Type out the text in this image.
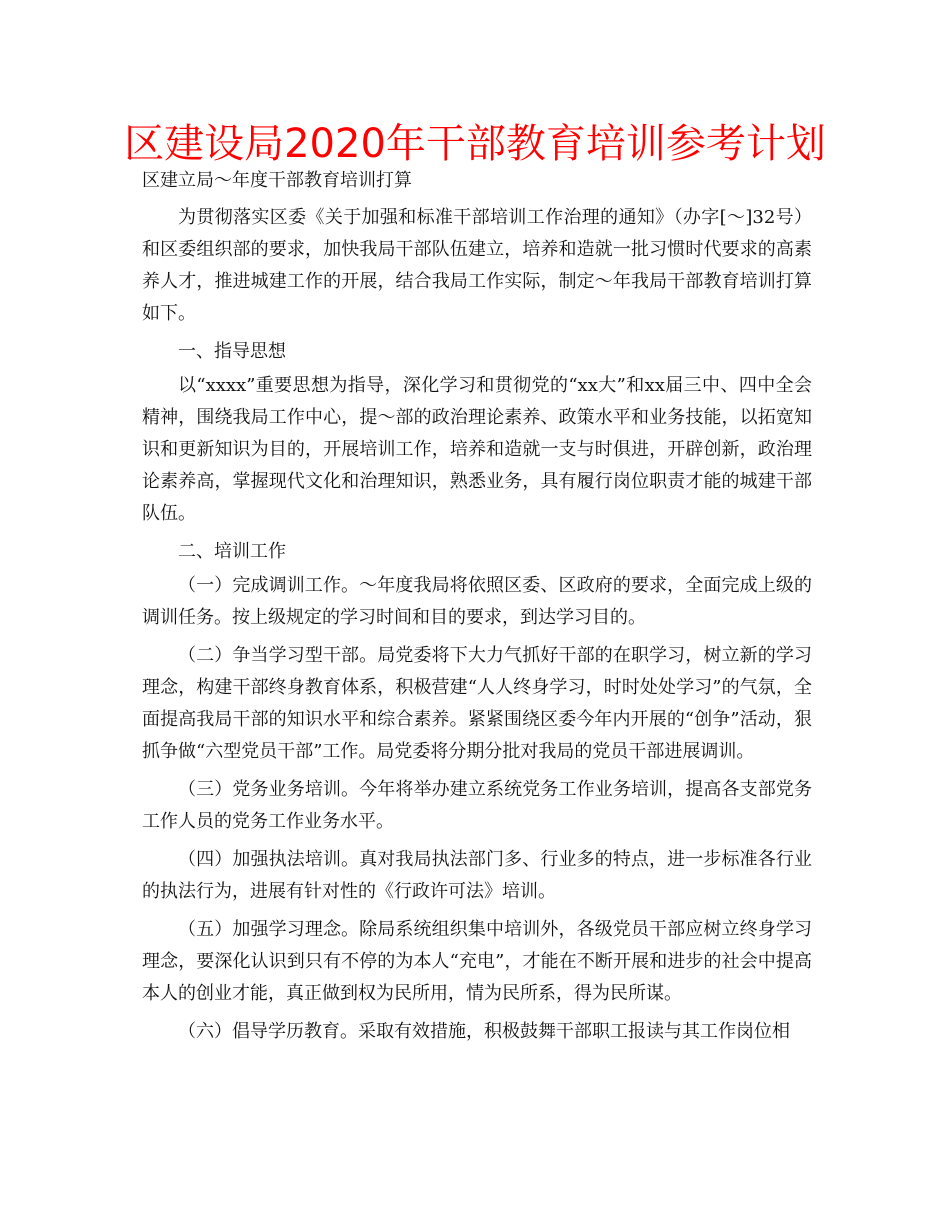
区建设局2020年干部教育培训参考计划
区建立局～年度干部教育培训打算

为贯彻落实区委《关于加强和标准干部培训工作治理的通知》（办字[～]32号）和区委组织部的要求，加快我局干部队伍建立，培养和造就一批习惯时代要求的高素养人才，推进城建工作的开展，结合我局工作实际，制定～年我局干部教育培训打算如下。

一、指导思想

以“xxxx”重要思想为指导，深化学习和贯彻党的“xx大”和xx届三中、四中全会精神，围绕我局工作中心，提～部的政治理论素养、政策水平和业务技能，以拓宽知识和更新知识为目的，开展培训工作，培养和造就一支与时俱进，开辟创新，政治理论素养高，掌握现代文化和治理知识，熟悉业务，具有履行岗位职责才能的城建干部队伍。

二、培训工作

（一）完成调训工作。～年度我局将依照区委、区政府的要求，全面完成上级的调训任务。按上级规定的学习时间和目的要求，到达学习目的。

（二）争当学习型干部。局党委将下大力气抓好干部的在职学习，树立新的学习理念，构建干部终身教育体系，积极营建“人人终身学习，时时处处学习”的气氛，全面提高我局干部的知识水平和综合素养。紧紧围绕区委今年内开展的“创争”活动，狠抓争做“六型党员干部”工作。局党委将分期分批对我局的党员干部进展调训。

（三）党务业务培训。今年将举办建立系统党务工作业务培训，提高各支部党务工作人员的党务工作业务水平。

（四）加强执法培训。真对我局执法部门多、行业多的特点，进一步标准各行业的执法行为，进展有针对性的《行政许可法》培训。

（五）加强学习理念。除局系统组织集中培训外，各级党员干部应树立终身学习理念，要深化认识到只有不停的为本人“充电”，才能在不断开展和进步的社会中提高本人的创业才能，真正做到权为民所用，情为民所系，得为民所谋。

（六）倡导学历教育。采取有效措施，积极鼓舞干部职工报读与其工作岗位相
